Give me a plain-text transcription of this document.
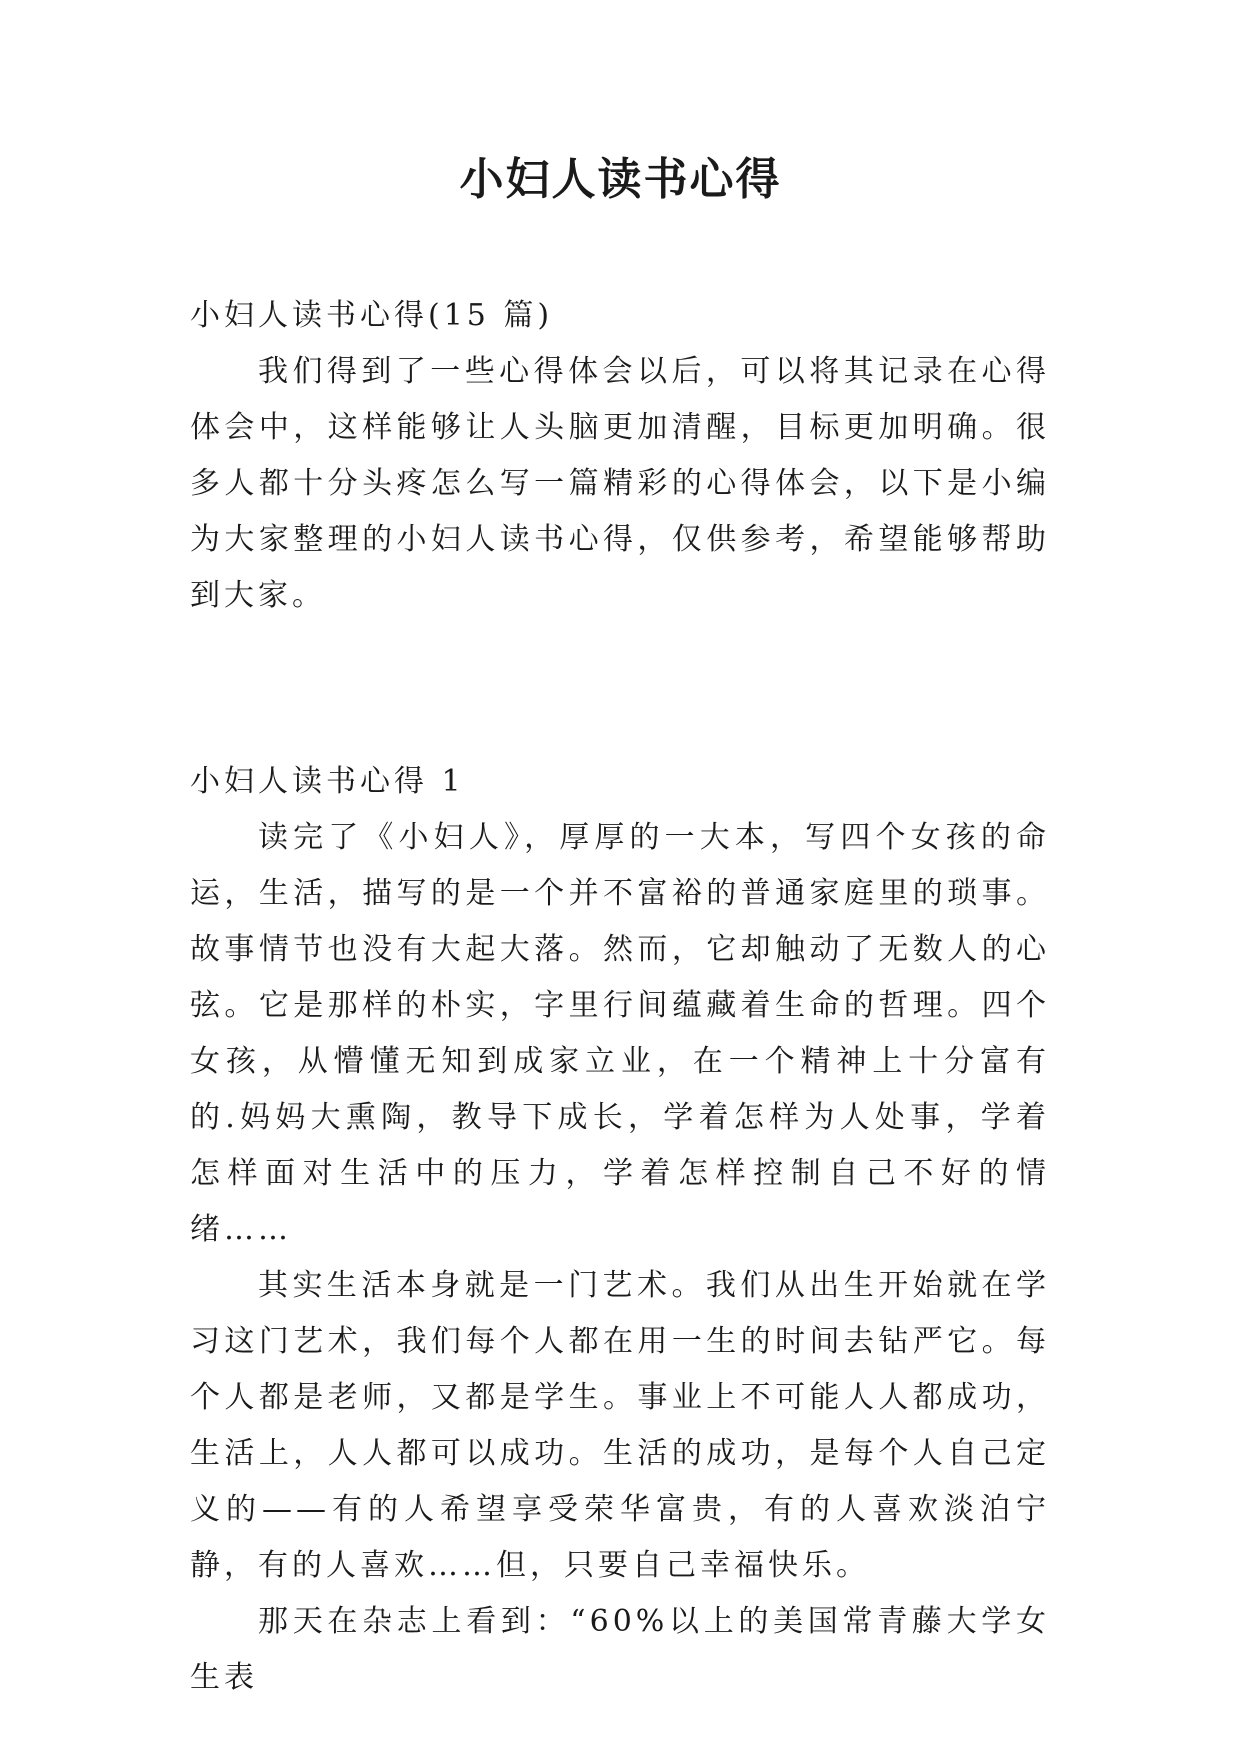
小妇人读书心得

小妇人读书心得(15 篇)

我们得到了一些心得体会以后，可以将其记录在心得体会中，这样能够让人头脑更加清醒，目标更加明确。很多人都十分头疼怎么写一篇精彩的心得体会，以下是小编为大家整理的小妇人读书心得，仅供参考，希望能够帮助到大家。

小妇人读书心得 1

读完了《小妇人》，厚厚的一大本，写四个女孩的命运，生活，描写的是一个并不富裕的普通家庭里的琐事。故事情节也没有大起大落。然而，它却触动了无数人的心弦。它是那样的朴实，字里行间蕴藏着生命的哲理。四个女孩，从懵懂无知到成家立业，在一个精神上十分富有的.妈妈大熏陶，教导下成长，学着怎样为人处事，学着怎样面对生活中的压力，学着怎样控制自己不好的情绪……

其实生活本身就是一门艺术。我们从出生开始就在学习这门艺术，我们每个人都在用一生的时间去钻严它。每个人都是老师，又都是学生。事业上不可能人人都成功，生活上，人人都可以成功。生活的成功，是每个人自己定义的——有的人希望享受荣华富贵，有的人喜欢淡泊宁静，有的人喜欢……但，只要自己幸福快乐。

那天在杂志上看到：“60%以上的美国常青藤大学女生表
